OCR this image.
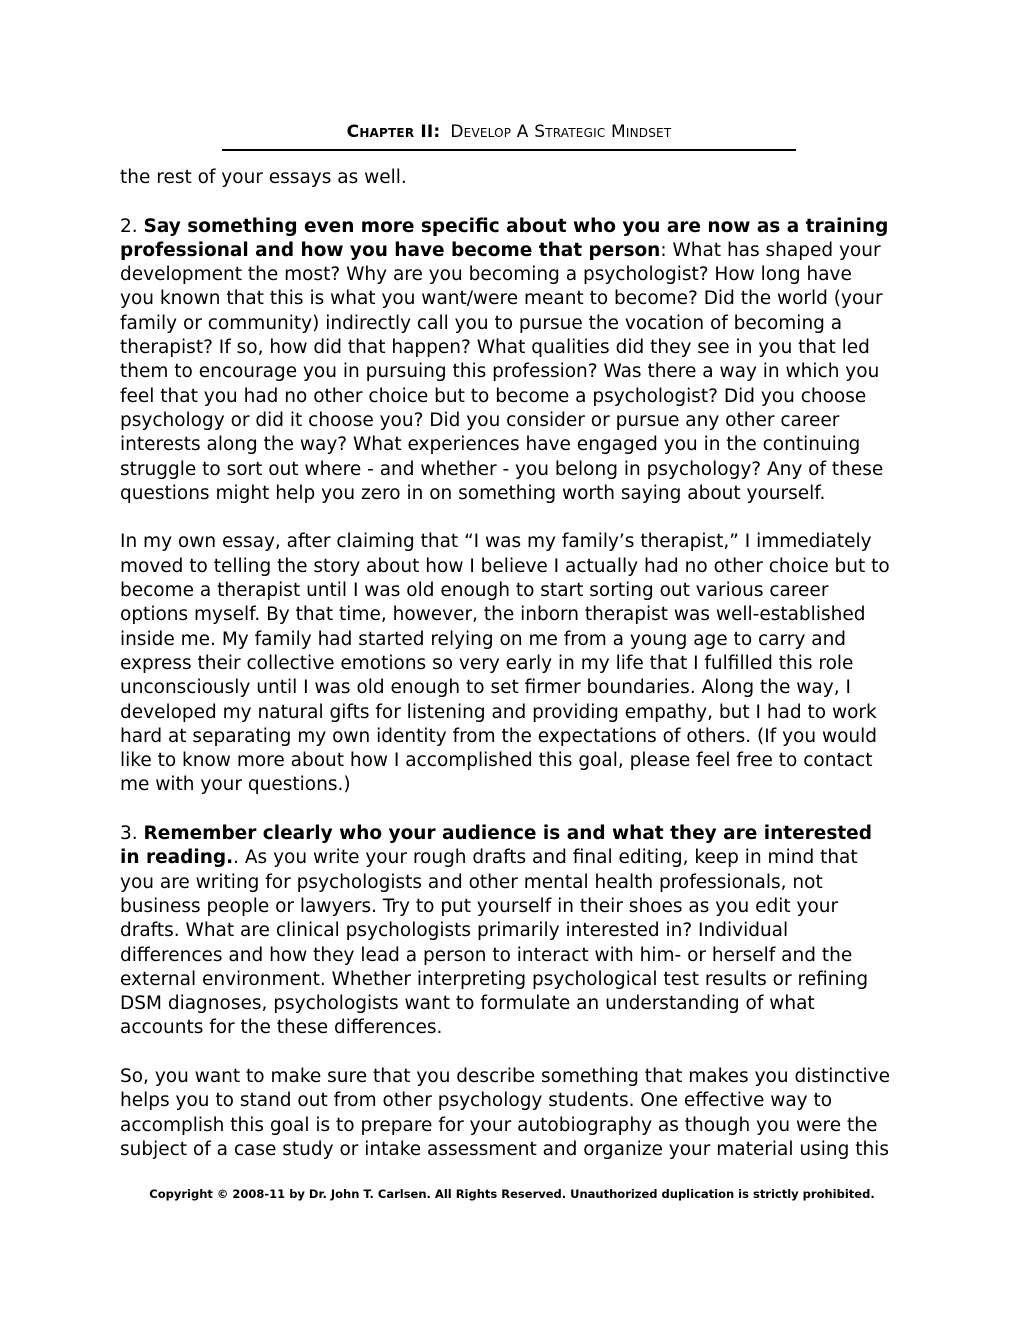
Chapter II: Develop A Strategic Mindset

the rest of your essays as well.

2. Say something even more specific about who you are now as a training professional and how you have become that person: What has shaped your development the most? Why are you becoming a psychologist? How long have you known that this is what you want/were meant to become? Did the world (your family or community) indirectly call you to pursue the vocation of becoming a therapist? If so, how did that happen? What qualities did they see in you that led them to encourage you in pursuing this profession? Was there a way in which you feel that you had no other choice but to become a psychologist? Did you choose psychology or did it choose you? Did you consider or pursue any other career interests along the way? What experiences have engaged you in the continuing struggle to sort out where - and whether - you belong in psychology? Any of these questions might help you zero in on something worth saying about yourself.

In my own essay, after claiming that “I was my family’s therapist,” I immediately moved to telling the story about how I believe I actually had no other choice but to become a therapist until I was old enough to start sorting out various career options myself. By that time, however, the inborn therapist was well-established inside me. My family had started relying on me from a young age to carry and express their collective emotions so very early in my life that I fulfilled this role unconsciously until I was old enough to set firmer boundaries. Along the way, I developed my natural gifts for listening and providing empathy, but I had to work hard at separating my own identity from the expectations of others. (If you would like to know more about how I accomplished this goal, please feel free to contact me with your questions.)

3. Remember clearly who your audience is and what they are interested in reading.. As you write your rough drafts and final editing, keep in mind that you are writing for psychologists and other mental health professionals, not business people or lawyers. Try to put yourself in their shoes as you edit your drafts. What are clinical psychologists primarily interested in? Individual differences and how they lead a person to interact with him- or herself and the external environment. Whether interpreting psychological test results or refining DSM diagnoses, psychologists want to formulate an understanding of what accounts for the these differences.

So, you want to make sure that you describe something that makes you distinctive helps you to stand out from other psychology students. One effective way to accomplish this goal is to prepare for your autobiography as though you were the subject of a case study or intake assessment and organize your material using this

Copyright © 2008-11 by Dr. John T. Carlsen. All Rights Reserved. Unauthorized duplication is strictly prohibited.
